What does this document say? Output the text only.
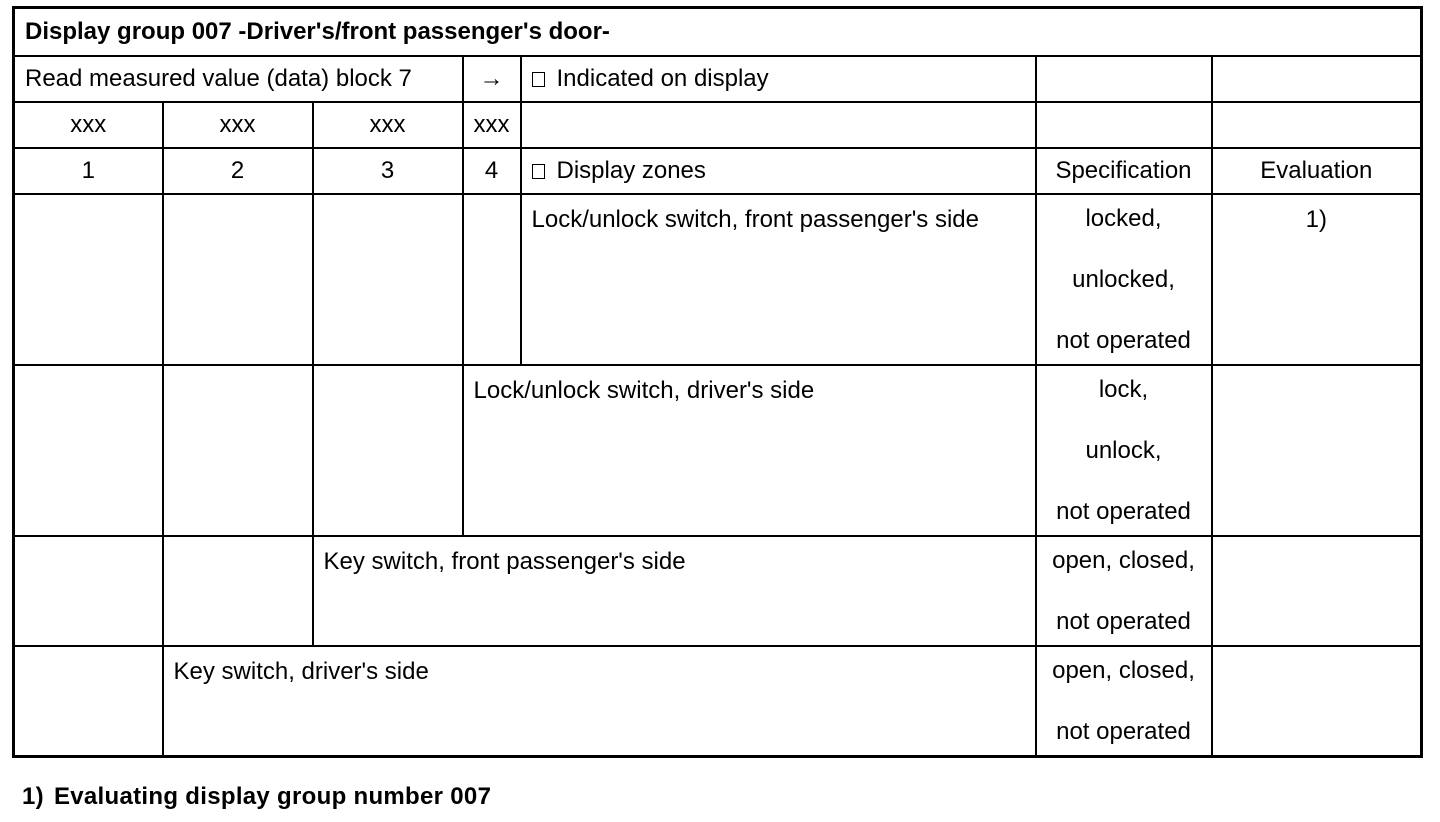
Display group 007 -Driver's/front passenger's door-						
Read measured value (data) block 7			→	Indicated on display		
xxx	xxx	xxx	xxx			
1	2	3	4	Display zones	Specification	Evaluation
				Lock/unlock switch, front passenger's side	locked,
unlocked,
not operated	1)
			Lock/unlock switch, driver's side		lock,
unlock,
not operated	

		Key switch, front passenger's side			open, closed,
not operated	

	Key switch, driver's side				open, closed,
not operated	

1) Evaluating display group number 007
